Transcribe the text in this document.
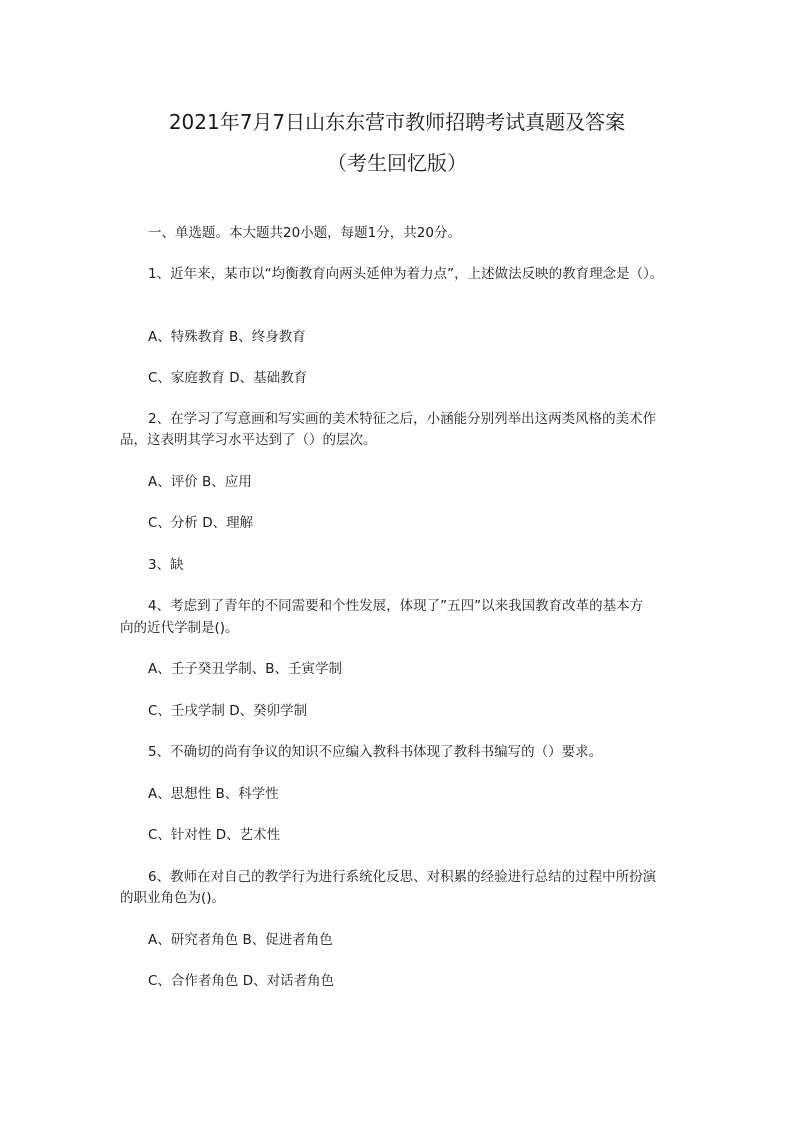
2021年7月7日山东东营市教师招聘考试真题及答案
（考生回忆版）

一、单选题。本大题共20小题，每题1分，共20分。

1、近年来，某市以“均衡教育向两头延伸为着力点”，上述做法反映的教育理念是（）。

A、特殊教育 B、终身教育

C、家庭教育 D、基础教育

2、在学习了写意画和写实画的美术特征之后，小涵能分别列举出这两类风格的美术作

品，这表明其学习水平达到了（）的层次。

A、评价 B、应用

C、分析 D、理解

3、缺

4、考虑到了青年的不同需要和个性发展，体现了”五四”以来我国教育改革的基本方

向的近代学制是()。

A、壬子癸丑学制、B、壬寅学制

C、壬戌学制 D、癸卯学制

5、不确切的尚有争议的知识不应编入教科书体现了教科书编写的（）要求。

A、思想性 B、科学性

C、针对性 D、艺术性

6、教师在对自己的教学行为进行系统化反思、对积累的经验进行总结的过程中所扮演

的职业角色为()。

A、研究者角色 B、促进者角色

C、合作者角色 D、对话者角色
